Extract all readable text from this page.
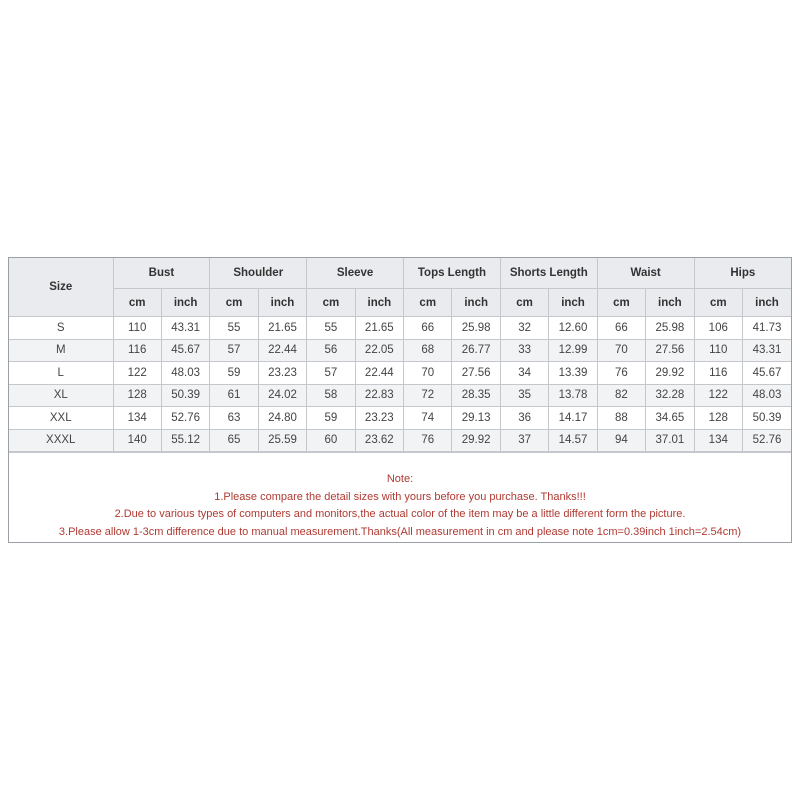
Size	Bust		Shoulder		Sleeve		Tops Length		Shorts Length		Waist		Hips	
	cm	inch	cm	inch	cm	inch	cm	inch	cm	inch	cm	inch	cm	inch
S	110	43.31	55	21.65	55	21.65	66	25.98	32	12.60	66	25.98	106	41.73
M	116	45.67	57	22.44	56	22.05	68	26.77	33	12.99	70	27.56	110	43.31
L	122	48.03	59	23.23	57	22.44	70	27.56	34	13.39	76	29.92	116	45.67
XL	128	50.39	61	24.02	58	22.83	72	28.35	35	13.78	82	32.28	122	48.03
XXL	134	52.76	63	24.80	59	23.23	74	29.13	36	14.17	88	34.65	128	50.39
XXXL	140	55.12	65	25.59	60	23.62	76	29.92	37	14.57	94	37.01	134	52.76
Note:
1.Please compare the detail sizes with yours before you purchase. Thanks!!!
2.Due to various types of computers and monitors,the actual color of the item may be a little different form the picture.
3.Please allow 1-3cm difference due to manual measurement.Thanks(All measurement in cm and please note 1cm=0.39inch 1inch=2.54cm)
